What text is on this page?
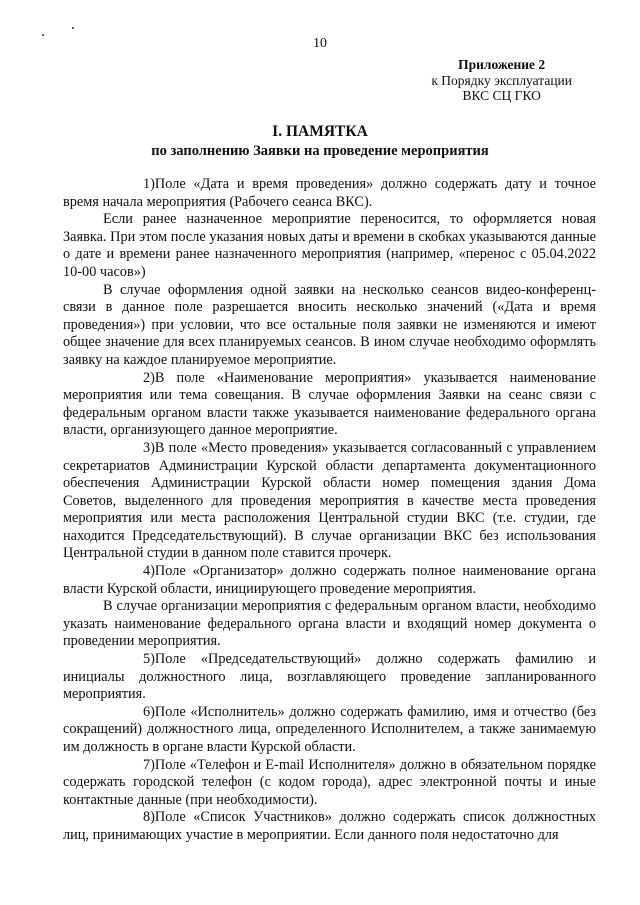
10
Приложение 2
к Порядку эксплуатации
ВКС СЦ ГКО
I. ПАМЯТКА
по заполнению Заявки на проведение мероприятия

1)Поле «Дата и время проведения» должно содержать дату и точное время начала мероприятия (Рабочего сеанса ВКС).

Если ранее назначенное мероприятие переносится, то оформляется новая Заявка. При этом после указания новых даты и времени в скобках указываются данные о дате и времени ранее назначенного мероприятия (например, «перенос с 05.04.2022 10-00 часов»)

В случае оформления одной заявки на несколько сеансов видео-конференц-связи в данное поле разрешается вносить несколько значений («Дата и время проведения») при условии, что все остальные поля заявки не изменяются и имеют общее значение для всех планируемых сеансов. В ином случае необходимо оформлять заявку на каждое планируемое мероприятие.

2)В поле «Наименование мероприятия» указывается наименование мероприятия или тема совещания. В случае оформления Заявки на сеанс связи с федеральным органом власти также указывается наименование федерального органа власти, организующего данное мероприятие.

3)В поле «Место проведения» указывается согласованный с управлением секретариатов Администрации Курской области департамента документационного обеспечения Администрации Курской области номер помещения здания Дома Советов, выделенного для проведения мероприятия в качестве места проведения мероприятия или места расположения Центральной студии ВКС (т.е. студии, где находится Председательствующий). В случае организации ВКС без использования Центральной студии в данном поле ставится прочерк.

4)Поле «Организатор» должно содержать полное наименование органа власти Курской области, инициирующего проведение мероприятия.

В случае организации мероприятия с федеральным органом власти, необходимо указать наименование федерального органа власти и входящий номер документа о проведении мероприятия.

5)Поле «Председательствующий» должно содержать фамилию и инициалы должностного лица, возглавляющего проведение запланированного мероприятия.

6)Поле «Исполнитель» должно содержать фамилию, имя и отчество (без сокращений) должностного лица, определенного Исполнителем, а также занимаемую им должность в органе власти Курской области.

7)Поле «Телефон и E-mail Исполнителя» должно в обязательном порядке содержать городской телефон (с кодом города), адрес электронной почты и иные контактные данные (при необходимости).

8)Поле «Список Участников» должно содержать список должностных лиц, принимающих участие в мероприятии. Если данного поля недостаточно для
